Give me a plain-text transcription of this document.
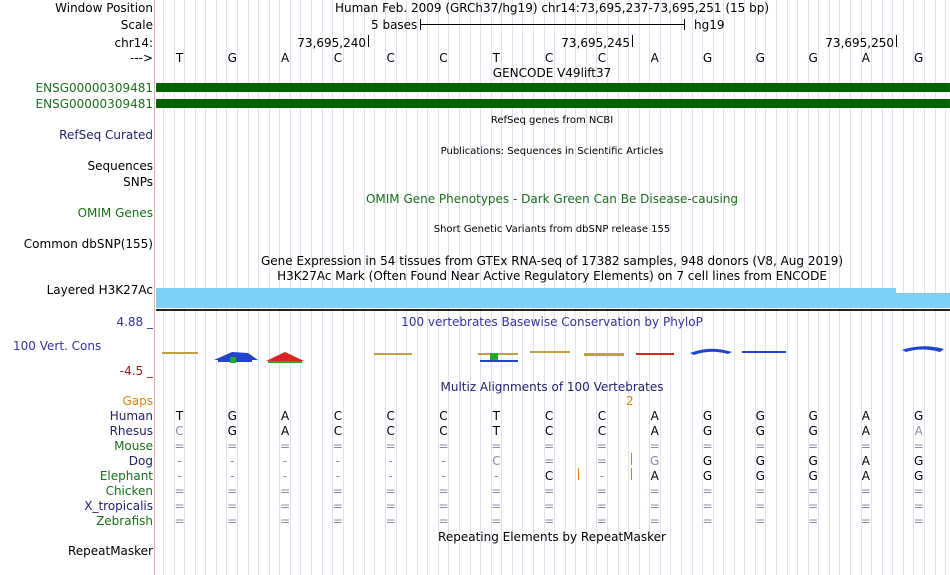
Window Position	Human Feb. 2009 (GRCh37/hg19) chr14:73,695,237-73,695,251 (15 bp)
Scale	5 bases	hg19
chr14:	73,695,240	73,695,245	73,695,250
--->	T	G	A	C	C	C	T	C	C	A	G	G	G	A	G
GENCODE V49lift37
ENSG00000309481
ENSG00000309481
RefSeq genes from NCBI
RefSeq Curated
Publications: Sequences in Scientific Articles
Sequences
SNPs
OMIM Gene Phenotypes - Dark Green Can Be Disease-causing
OMIM Genes
Short Genetic Variants from dbSNP release 155
Common dbSNP(155)
Gene Expression in 54 tissues from GTEx RNA-seq of 17382 samples, 948 donors (V8, Aug 2019)
H3K27Ac Mark (Often Found Near Active Regulatory Elements) on 7 cell lines from ENCODE
Layered H3K27Ac
4.88 _	100 vertebrates Basewise Conservation by PhyloP
100 Vert. Cons
-4.5 _
Multiz Alignments of 100 Vertebrates
Gaps	2
Human	T	G	A	C	C	C	T	C	C	A	G	G	G	A	G
Rhesus	C	G	A	C	C	C	T	C	C	A	G	G	G	A	A
Mouse	=	=	=	=	=	=	=	=	=	=	=	=	=	=	=
Dog	-	-	-	-	-	-	C	=	=	G	G	G	G	A	G
Elephant	-	-	-	-	-	-	-	C	-	A	G	G	G	A	G
Chicken	=	=	=	=	=	=	=	=	=	=	=	=	=	=	=
X_tropicalis	=	=	=	=	=	=	=	=	=	=	=	=	=	=	=
Zebrafish	=	=	=	=	=	=	=	=	=	=	=	=	=	=	=
Repeating Elements by RepeatMasker
RepeatMasker
